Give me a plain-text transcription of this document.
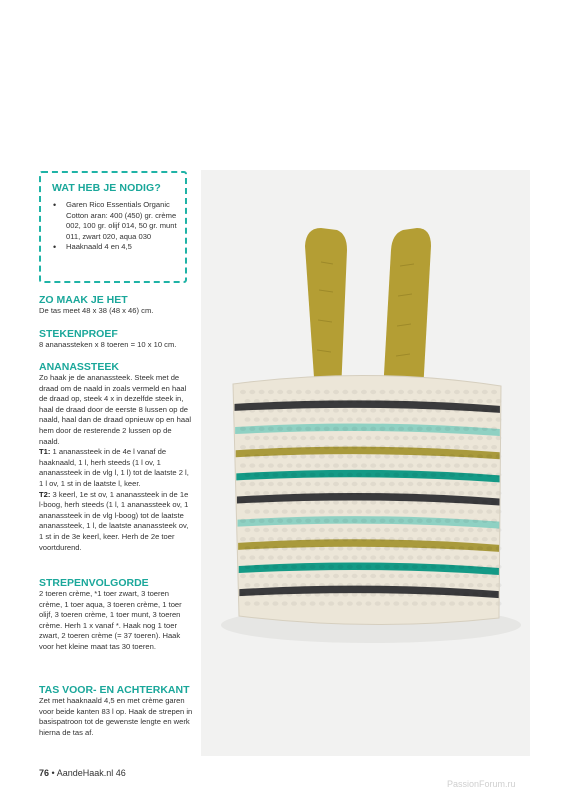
WAT HEB JE NODIG?
• Garen Rico Essentials Organic Cotton aran: 400 (450) gr. crème 002, 100 gr. olijf 014, 50 gr. munt 011, zwart 020, aqua 030
• Haaknaald 4 en 4,5

ZO MAAK JE HET

De tas meet 48 x 38 (48 x 46) cm.

STEKENPROEF

8 ananassteken x 8 toeren = 10 x 10 cm.

ANANASSTEEK

Zo haak je de ananassteek. Steek met de draad om de naald in zoals vermeld en haal de draad op, steek 4 x in dezelfde steek in, haal de draad door de eerste 8 lussen op de naald, haal dan de draad opnieuw op en haal hem door de resterende 2 lussen op de naald.

T1: 1 ananassteek in de 4e l vanaf de haaknaald, 1 l, herh steeds (1 l ov, 1 ananassteek in de vlg l, 1 l) tot de laatste 2 l, 1 l ov, 1 st in de laatste l, keer.

T2: 3 keerl, 1e st ov, 1 ananassteek in de 1e l-boog, herh steeds (1 l, 1 ananassteek ov, 1 ananassteek in de vlg l-boog) tot de laatste ananassteek, 1 l, de laatste ananassteek ov, 1 st in de 3e keerl, keer. Herh de 2e toer voortdurend.

STREPENVOLGORDE

2 toeren crème, *1 toer zwart, 3 toeren crème, 1 toer aqua, 3 toeren crème, 1 toer olijf, 3 toeren crème, 1 toer munt, 3 toeren crème. Herh 1 x vanaf *. Haak nog 1 toer zwart, 2 toeren crème (= 37 toeren). Haak voor het kleine maat tas 30 toeren.

TAS VOOR- EN ACHTERKANT

Zet met haaknaald 4,5 en met crème garen voor beide kanten 83 l op. Haak de strepen in basispatroon tot de gewenste lengte en werk hierna de tas af.

76 • AandeHaak.nl 46
PassionForum.ru
